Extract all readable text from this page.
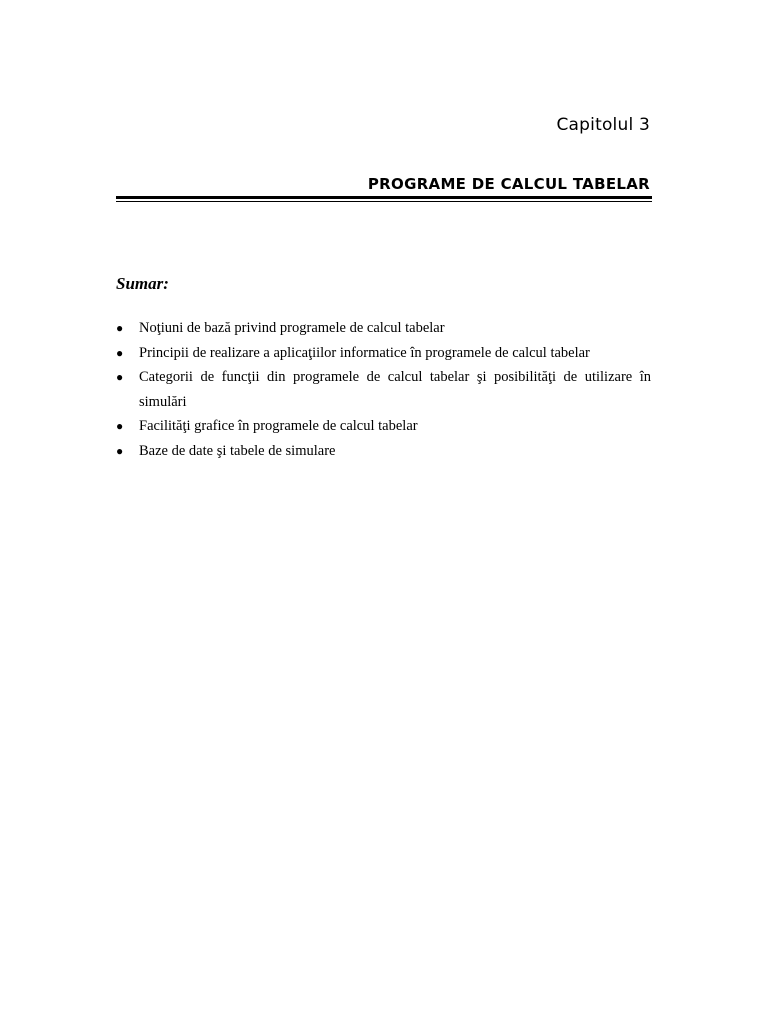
Capitolul 3
PROGRAME DE CALCUL TABELAR
Sumar:
● Noţiuni de bază privind programele de calcul tabelar
● Principii de realizare a aplicaţiilor informatice în programele de calcul tabelar
● Categorii de funcţii din programele de calcul tabelar şi posibilităţi de utilizare în simulări
● Facilităţi grafice în programele de calcul tabelar
● Baze de date şi tabele de simulare
